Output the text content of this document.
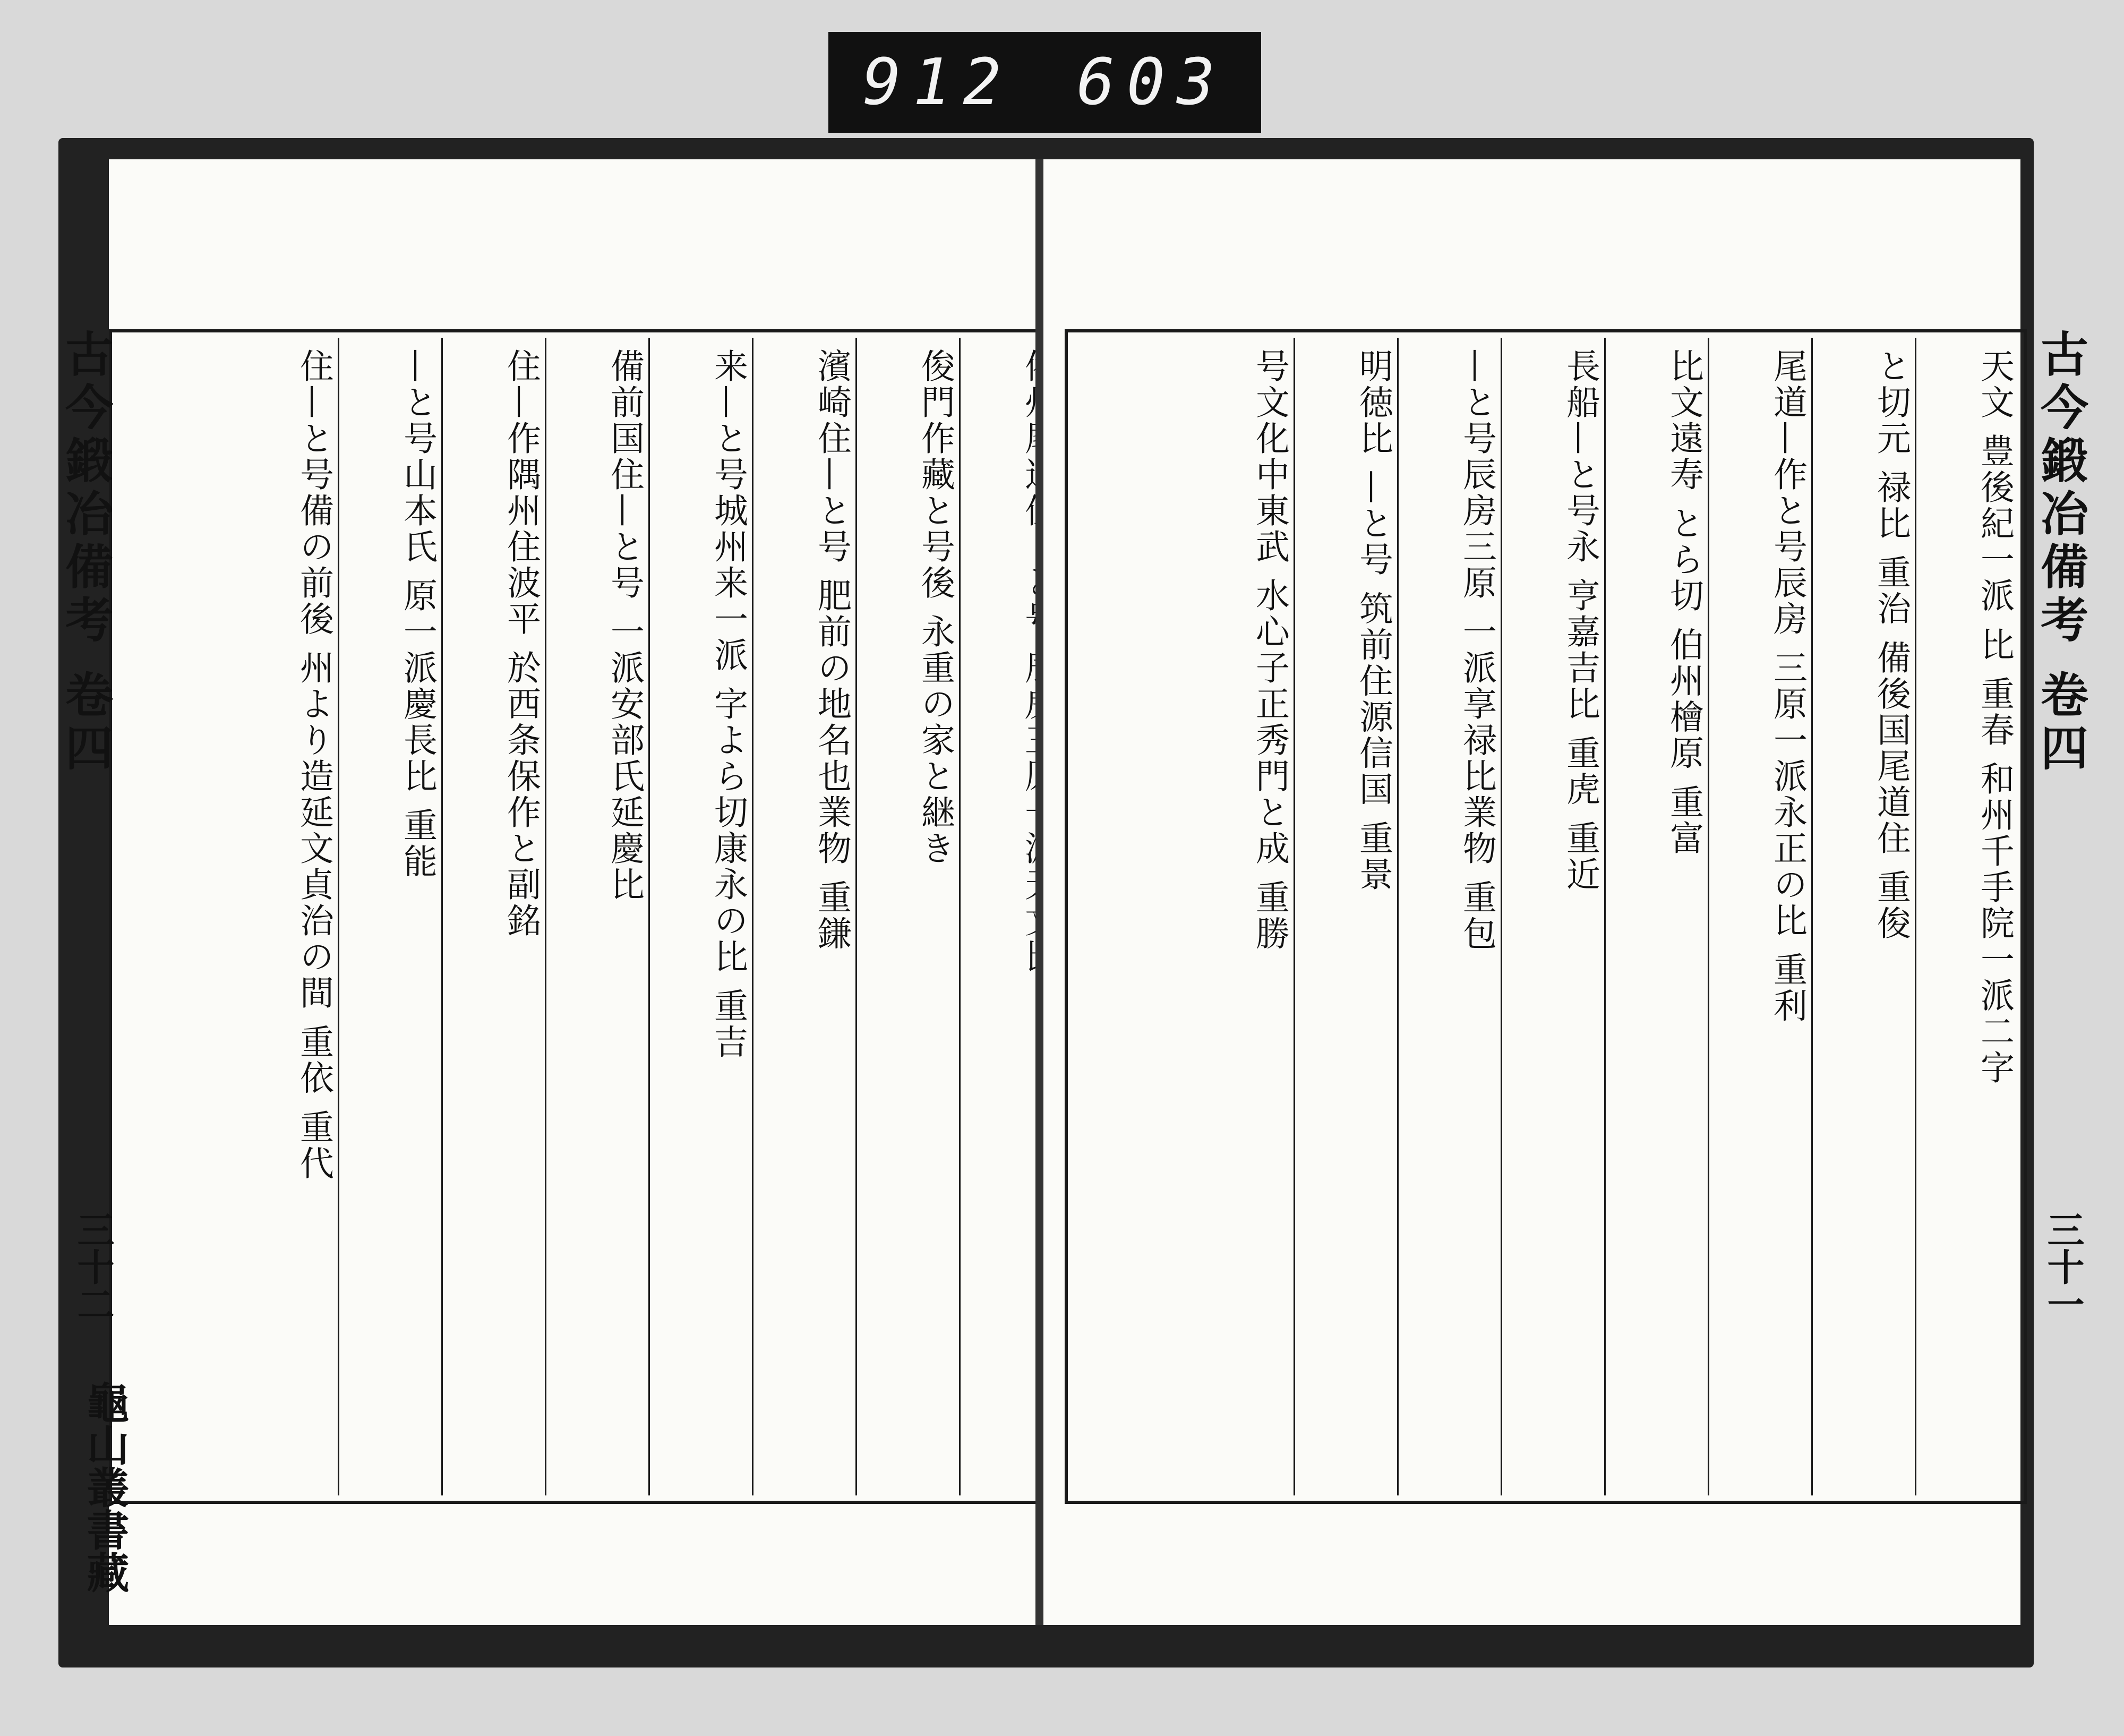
912 603
俊門作藏と号後 永重の家と継き
濱崎住—と号 肥前の地名也業物 重鎌
来—と号城州来一派 字よら切康永の比 重吉
備前国住—と号 一派安部氏延慶比
住—作隅州住波平 於西条保作と副銘
—と号山本氏 原一派慶長比 重能
住—と号備の前後 州より造延文貞治の間 重依 重代
古今鍛冶備考 卷四
三十二
天文 豊後紀一派 比 重春 和州千手院一派二字
と切元 禄比 重治 備後国尾道住 重俊
尾道—作と号辰房 三原一派永正の比 重利
比文遠寿 とら切 伯州檜原 重富
長船—と号永 亨嘉吉比 重虎 重近
—と号辰房三原 一派享禄比業物 重包
明徳比 —と号 筑前住源信国 重景
号文化中東武 水心子正秀門と成 重勝	古今鍛冶備考 卷四
三十一
龜山叢書藏
